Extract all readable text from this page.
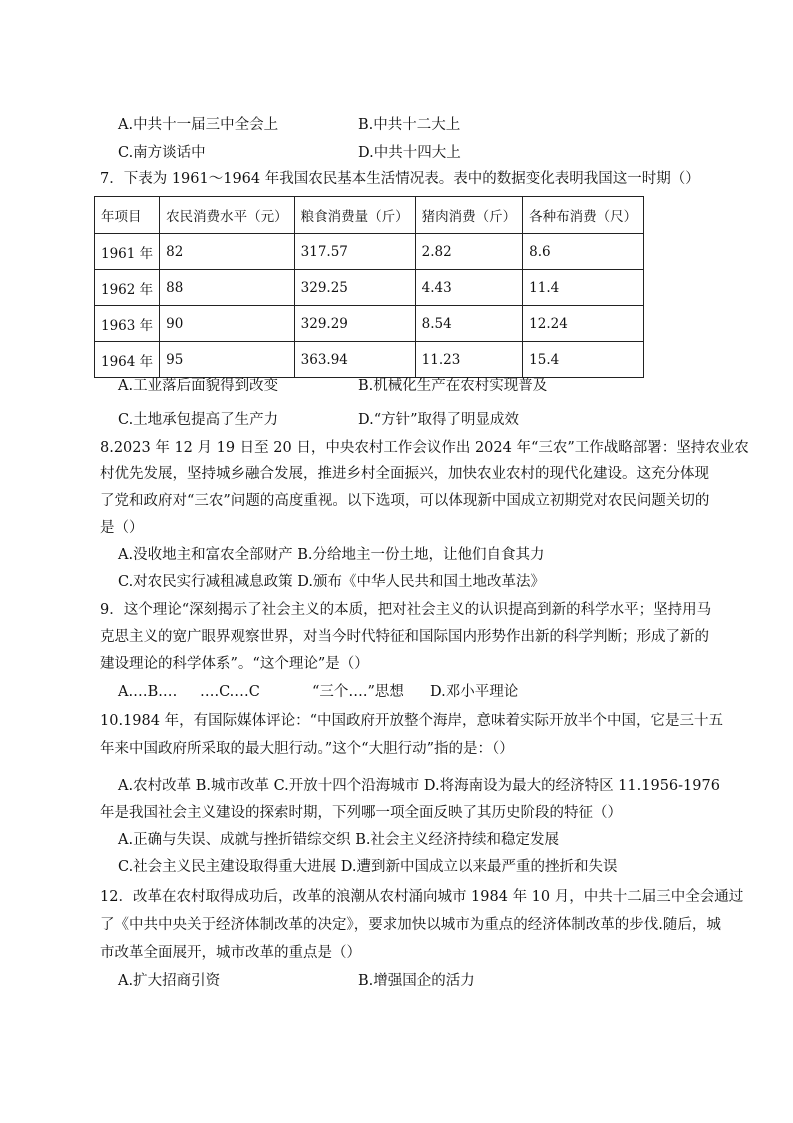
A.中共十一届三中全会上	B.中共十二大上
C.南方谈话中	D.中共十四大上
7．下表为 1961～1964 年我国农民基本生活情况表。表中的数据变化表明我国这一时期（）
年项目	农民消费水平（元）	粮食消费量（斤）	猪肉消费（斤）	各种布消费（尺）
1961 年	82	317.57	2.82	8.6
1962 年	88	329.25	4.43	11.4
1963 年	90	329.29	8.54	12.24
1964 年	95	363.94	11.23	15.4
A.工业落后面貌得到改变	B.机械化生产在农村实现普及
C.土地承包提高了生产力	D.“方针”取得了明显成效
8.2023 年 12 月 19 日至 20 日，中央农村工作会议作出 2024 年“三农”工作战略部署：坚持农业农
村优先发展，坚持城乡融合发展，推进乡村全面振兴，加快农业农村的现代化建设。这充分体现
了党和政府对“三农”问题的高度重视。以下选项，可以体现新中国成立初期党对农民问题关切的
是（）
A.没收地主和富农全部财产 B.分给地主一份土地，让他们自食其力
C.对农民实行减租减息政策 D.颁布《中华人民共和国土地改革法》
9．这个理论“深刻揭示了社会主义的本质，把对社会主义的认识提高到新的科学水平；坚持用马
克思主义的宽广眼界观察世界，对当今时代特征和国际国内形势作出新的科学判断；形成了新的
建设理论的科学体系”。“这个理论”是（）
A.…B.… ….C.…C	“三个….”思想 D.邓小平理论
10.1984 年，有国际媒体评论：“中国政府开放整个海岸，意味着实际开放半个中国，它是三十五
年来中国政府所采取的最大胆行动。”这个“大胆行动”指的是：（）
A.农村改革 B.城市改革 C.开放十四个沿海城市 D.将海南设为最大的经济特区 11.1956-1976
年是我国社会主义建设的探索时期，下列哪一项全面反映了其历史阶段的特征（）
A.正确与失误、成就与挫折错综交织 B.社会主义经济持续和稳定发展
C.社会主义民主建设取得重大进展 D.遭到新中国成立以来最严重的挫折和失误
12．改革在农村取得成功后，改革的浪潮从农村涌向城市 1984 年 10 月，中共十二届三中全会通过
了《中共中央关于经济体制改革的决定》，要求加快以城市为重点的经济体制改革的步伐.随后，城
市改革全面展开，城市改革的重点是（）
A.扩大招商引资	B.增强国企的活力
